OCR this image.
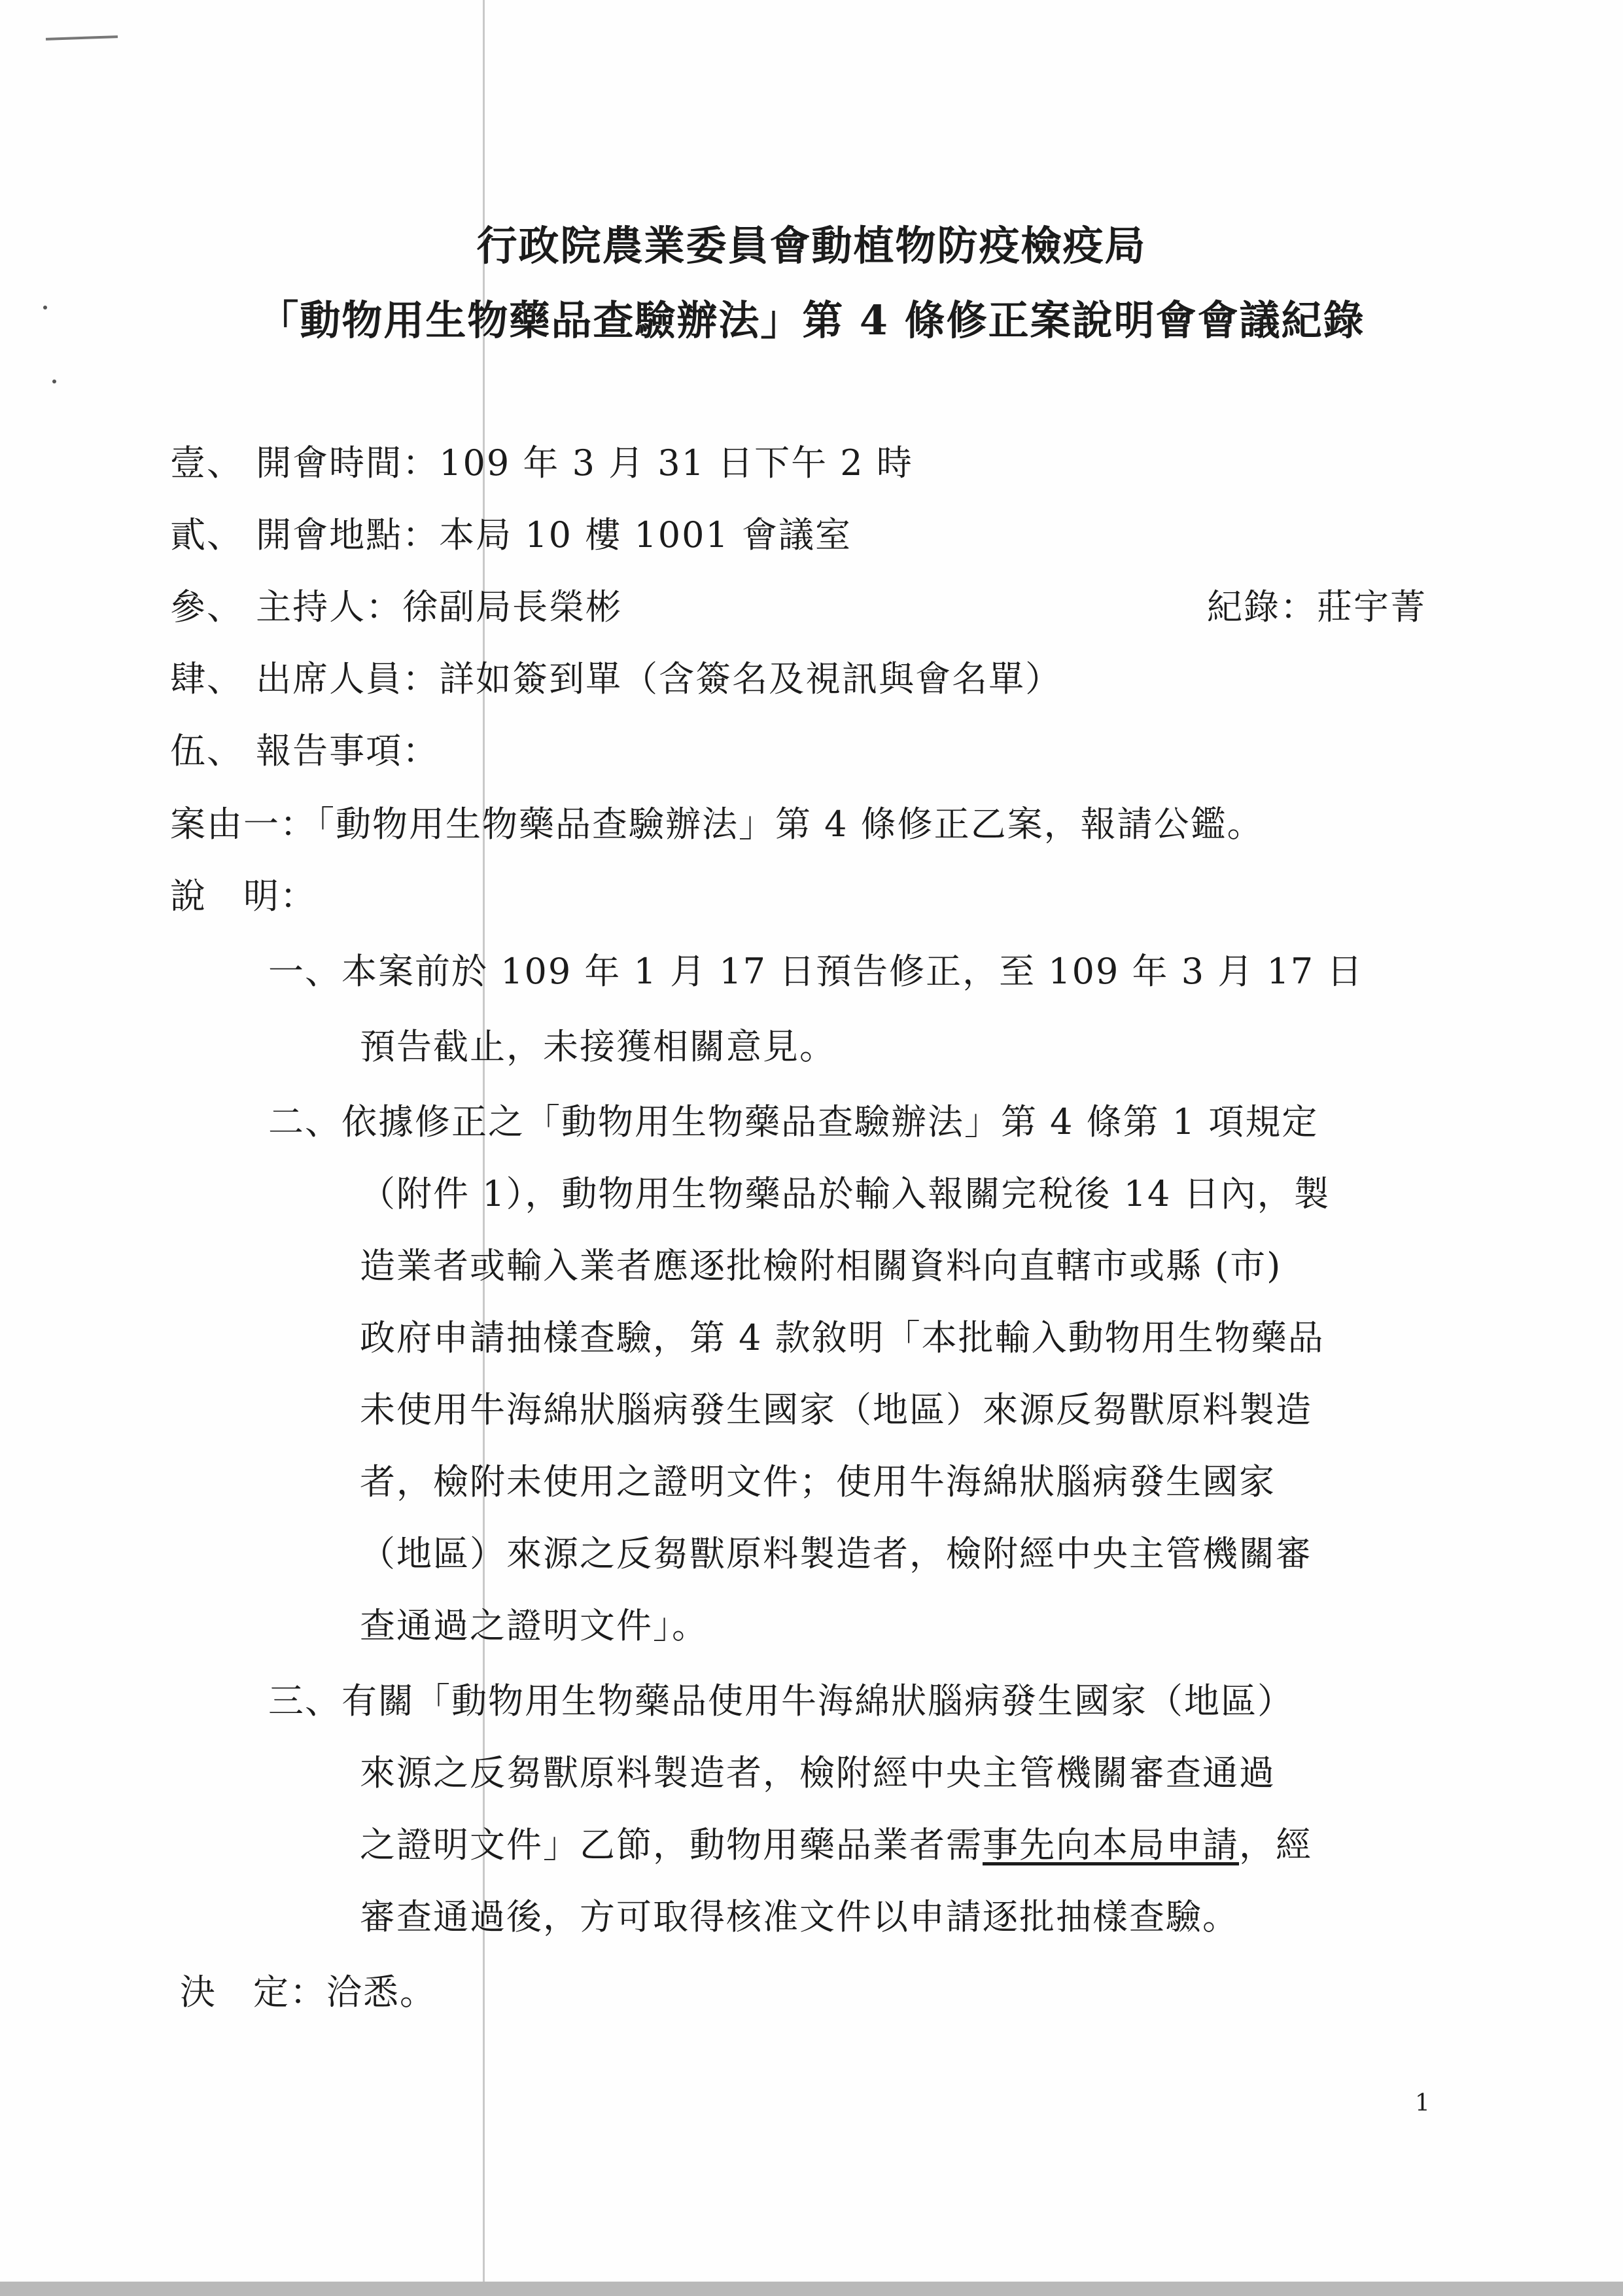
行政院農業委員會動植物防疫檢疫局
「動物用生物藥品查驗辦法」第 4 條修正案說明會會議紀錄
壹、 開會時間：109 年 3 月 31 日下午 2 時
貳、 開會地點：本局 10 樓 1001 會議室
參、 主持人：徐副局長榮彬	紀錄：莊宇菁
肆、 出席人員：詳如簽到單（含簽名及視訊與會名單）
伍、 報告事項：
案由一：「動物用生物藥品查驗辦法」第 4 條修正乙案，報請公鑑。
說　明：
一、本案前於 109 年 1 月 17 日預告修正，至 109 年 3 月 17 日
預告截止，未接獲相關意見。
二、依據修正之「動物用生物藥品查驗辦法」第 4 條第 1 項規定
（附件 1），動物用生物藥品於輸入報關完稅後 14 日內，製
造業者或輸入業者應逐批檢附相關資料向直轄市或縣 (市)
政府申請抽樣查驗，第 4 款敘明「本批輸入動物用生物藥品
未使用牛海綿狀腦病發生國家（地區）來源反芻獸原料製造
者，檢附未使用之證明文件；使用牛海綿狀腦病發生國家
（地區）來源之反芻獸原料製造者，檢附經中央主管機關審
查通過之證明文件」。
三、有關「動物用生物藥品使用牛海綿狀腦病發生國家（地區）
來源之反芻獸原料製造者，檢附經中央主管機關審查通過
之證明文件」乙節，動物用藥品業者需事先向本局申請，經
審查通過後，方可取得核准文件以申請逐批抽樣查驗。
決　定：洽悉。
1
